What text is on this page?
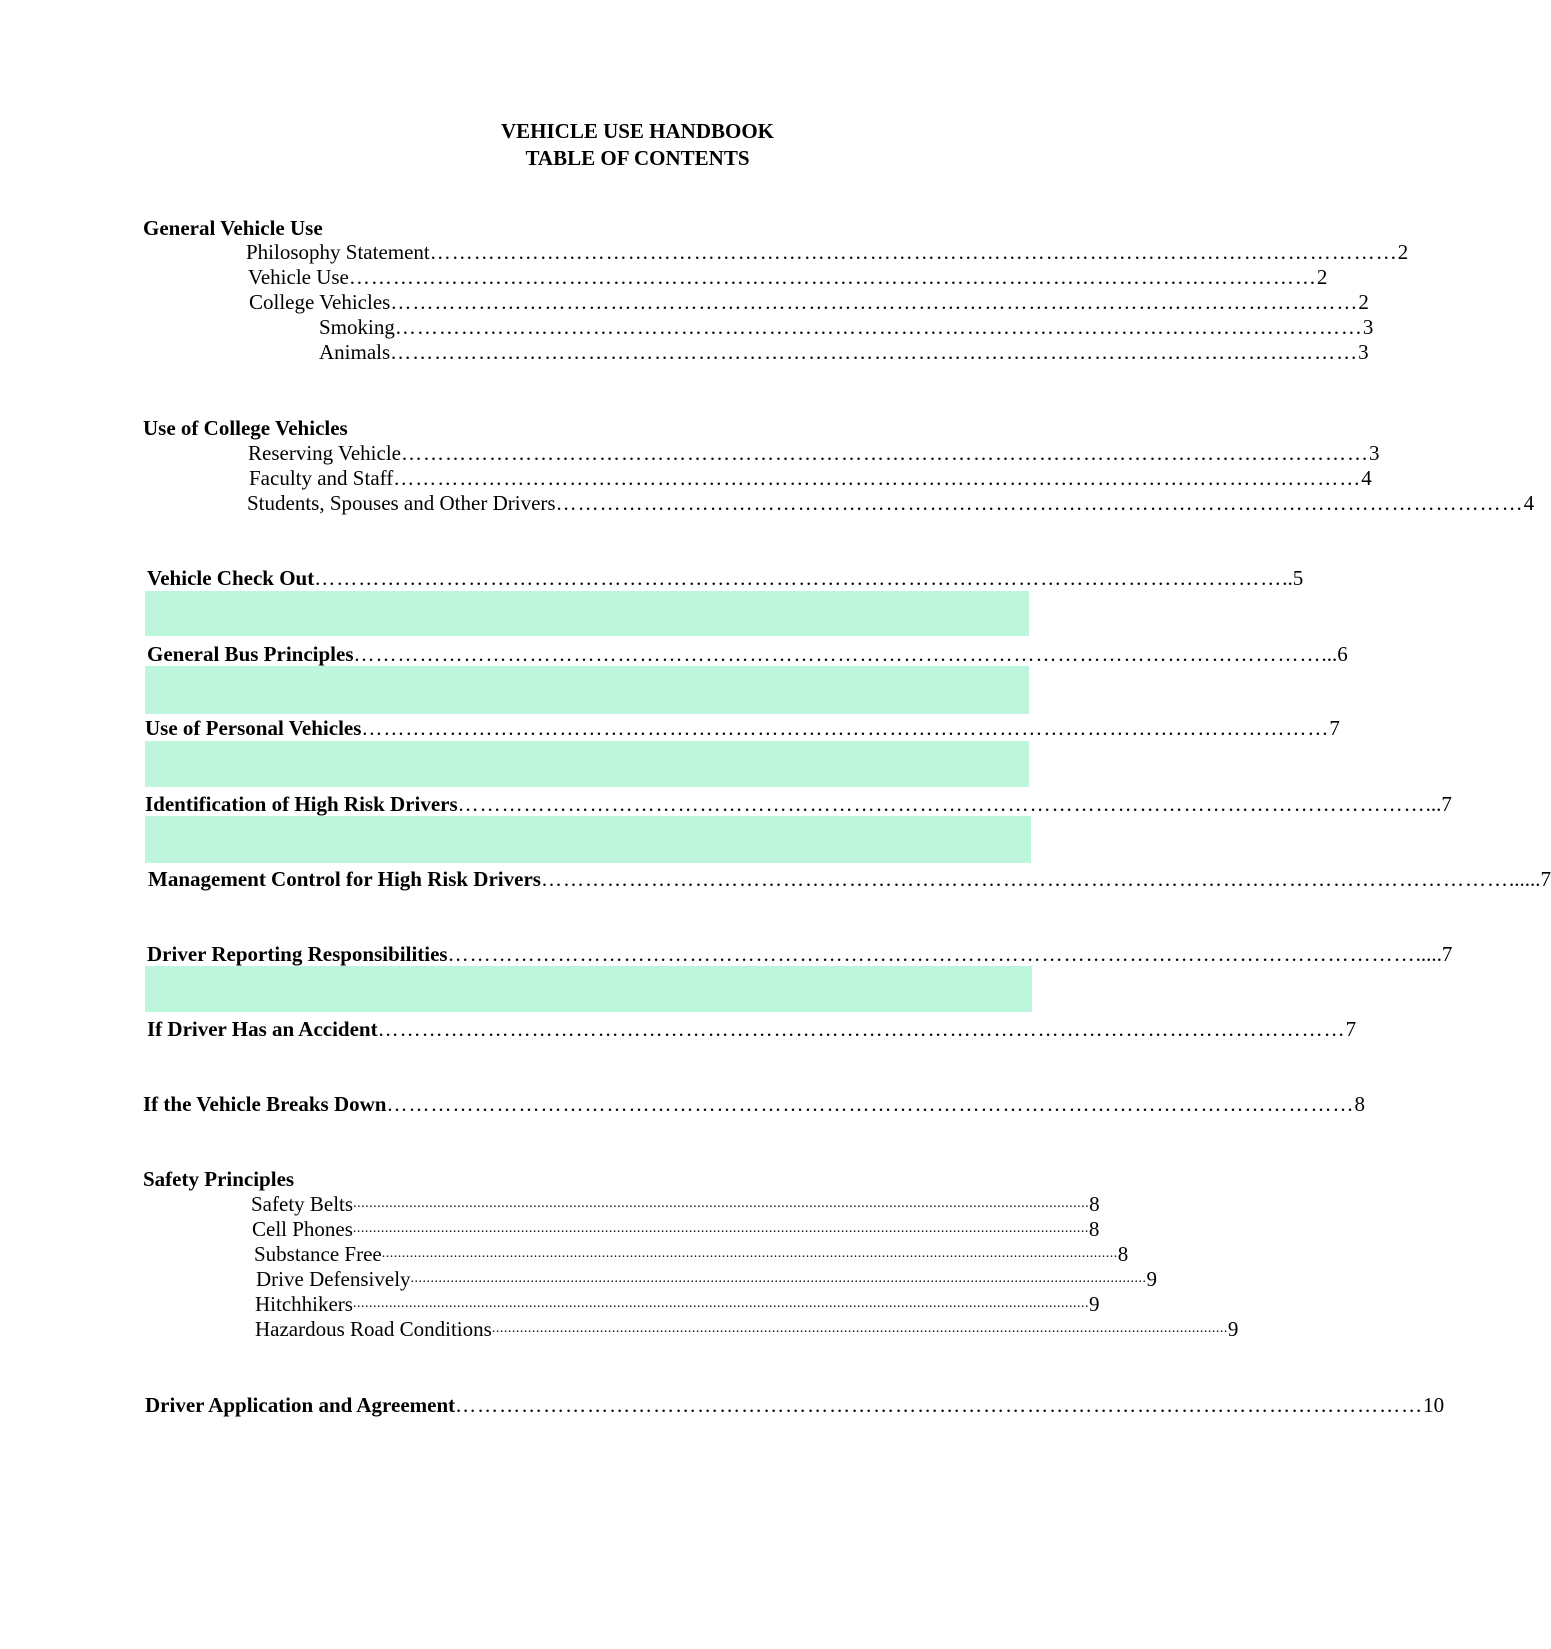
VEHICLE USE HANDBOOK
TABLE OF CONTENTS
General Vehicle Use
Philosophy Statement …………………………………………………………………………………………………………………… 2
Vehicle Use …………………………………………………………………………………………………………………… 2
College Vehicles …………………………………………………………………………………………………………………… 2
Smoking …………………………………………………………………………………………………………………… 3
Animals …………………………………………………………………………………………………………………… 3
Use of College Vehicles
Reserving Vehicle …………………………………………………………………………………………………………………… 3
Faculty and Staff …………………………………………………………………………………………………………………… 4
Students, Spouses and Other Drivers …………………………………………………………………………………………………………………… 4
Vehicle Check Out …………………………………………………………………………………………………………………… ..5
General Bus Principles …………………………………………………………………………………………………………………… ...6
Use of Personal Vehicles …………………………………………………………………………………………………………………… 7
Identification of High Risk Drivers …………………………………………………………………………………………………………………… ...7
Management Control for High Risk Drivers …………………………………………………………………………………………………………………… ......7
Driver Reporting Responsibilities …………………………………………………………………………………………………………………… .....7
If Driver Has an Accident …………………………………………………………………………………………………………………… 7
If the Vehicle Breaks Down …………………………………………………………………………………………………………………… 8
Safety Principles
Safety Belts ........................................................................................................................................................................................ 8
Cell Phones ........................................................................................................................................................................................ 8
Substance Free ........................................................................................................................................................................................ 8
Drive Defensively ........................................................................................................................................................................................ 9
Hitchhikers ........................................................................................................................................................................................ 9
Hazardous Road Conditions ........................................................................................................................................................................................ 9
Driver Application and Agreement …………………………………………………………………………………………………………………… 10
